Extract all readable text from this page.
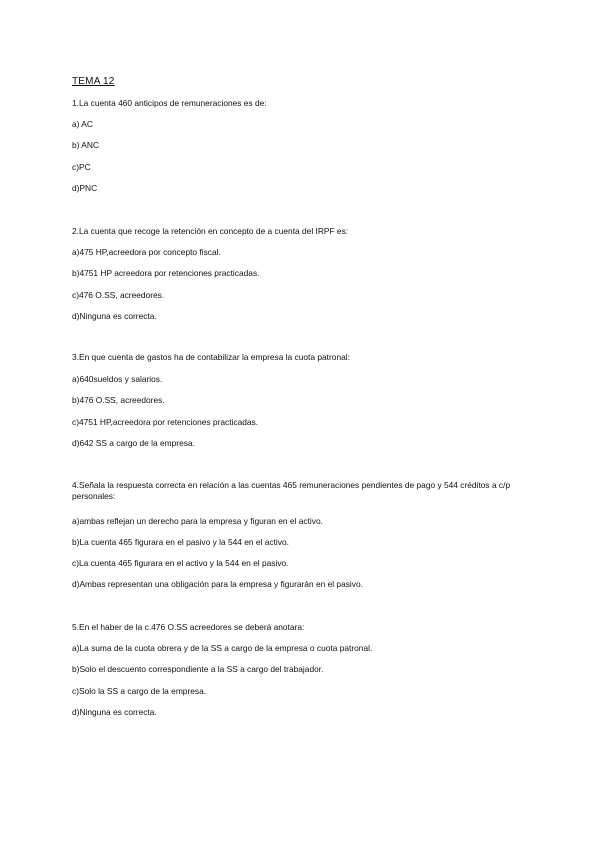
TEMA 12
1.La cuenta 460 anticipos de remuneraciones es de:
a) AC
b) ANC
c)PC
d)PNC
2.La cuenta que recoge la retención en concepto de a cuenta del IRPF es:
a)475 HP,acreedora por concepto fiscal.
b)4751 HP acreedora por retenciones practicadas.
c)476 O.SS, acreedores.
d)Ninguna es correcta.
3.En que cuenta de gastos ha de contabilizar la empresa la cuota patronal:
a)640sueldos y salarios.
b)476 O.SS, acreedores.
c)4751 HP,acreedora por retenciones practicadas.
d)642 SS a cargo de la empresa.
4.Señala la respuesta correcta en relación a las cuentas 465 remuneraciones pendientes de pago y 544 créditos a c/p personales:
a)ambas reflejan un derecho para la empresa y figuran en el activo.
b)La cuenta 465 figurara en el pasivo y la 544 en el activo.
c)La cuenta 465 figurara en el activo y la 544 en el pasivo.
d)Ambas representan una obligación para la empresa y figurarán en el pasivo.
5.En el haber de la c.476 O.SS acreedores se deberá anotara:
a)La suma de la cuota obrera y de la SS a cargo de la empresa o cuota patronal.
b)Solo el descuento correspondiente a la SS a cargo del trabajador.
c)Solo la SS a cargo de la empresa.
d)Ninguna es correcta.
